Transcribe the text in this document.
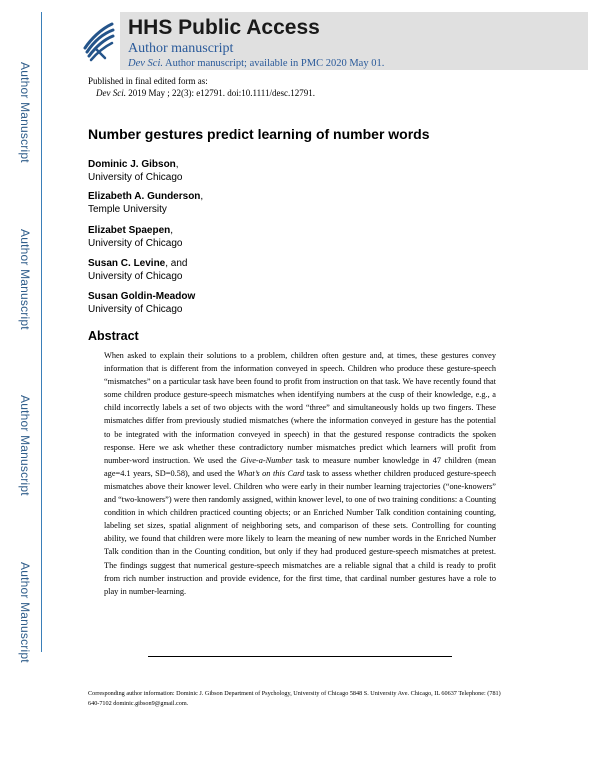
Author Manuscript
Author Manuscript
Author Manuscript
Author Manuscript
HHS Public Access
Author manuscript
Dev Sci. Author manuscript; available in PMC 2020 May 01.
Published in final edited form as:
Dev Sci. 2019 May ; 22(3): e12791. doi:10.1111/desc.12791.
Number gestures predict learning of number words
Dominic J. Gibson,
University of Chicago
Elizabeth A. Gunderson,
Temple University
Elizabet Spaepen,
University of Chicago
Susan C. Levine, and
University of Chicago
Susan Goldin-Meadow
University of Chicago
Abstract
When asked to explain their solutions to a problem, children often gesture and, at times, these gestures convey information that is different from the information conveyed in speech. Children who produce these gesture-speech “mismatches” on a particular task have been found to profit from instruction on that task. We have recently found that some children produce gesture-speech mismatches when identifying numbers at the cusp of their knowledge, e.g., a child incorrectly labels a set of two objects with the word “three” and simultaneously holds up two fingers. These mismatches differ from previously studied mismatches (where the information conveyed in gesture has the potential to be integrated with the information conveyed in speech) in that the gestured response contradicts the spoken response. Here we ask whether these contradictory number mismatches predict which learners will profit from number-word instruction. We used the Give-a-Number task to measure number knowledge in 47 children (mean age=4.1 years, SD=0.58), and used the What’s on this Card task to assess whether children produced gesture-speech mismatches above their knower level. Children who were early in their number learning trajectories (“one-knowers” and “two-knowers”) were then randomly assigned, within knower level, to one of two training conditions: a Counting condition in which children practiced counting objects; or an Enriched Number Talk condition containing counting, labeling set sizes, spatial alignment of neighboring sets, and comparison of these sets. Controlling for counting ability, we found that children were more likely to learn the meaning of new number words in the Enriched Number Talk condition than in the Counting condition, but only if they had produced gesture-speech mismatches at pretest. The findings suggest that numerical gesture-speech mismatches are a reliable signal that a child is ready to profit from rich number instruction and provide evidence, for the first time, that cardinal number gestures have a role to play in number-learning.
Corresponding author information: Dominic J. Gibson Department of Psychology, University of Chicago 5848 S. University Ave. Chicago, IL 60637 Telephone: (781) 640-7102 dominic.gibson9@gmail.com.
